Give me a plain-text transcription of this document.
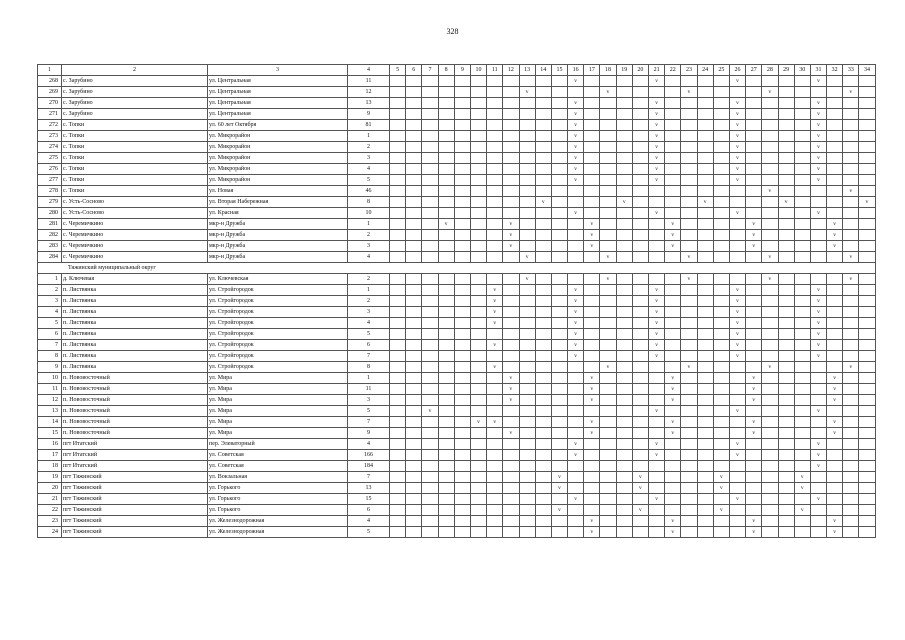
328
1	2	3	4	5	6	7	8	9	10	11	12	13	14	15	16	17	18	19	20	21	22	23	24	25	26	27	28	29	30	31	32	33	34
268	с. Зарубино	ул. Центральная	11												v					v					v					v			
269	с. Зарубино	ул. Центральная	12									v					v					v					v					v	
270	с. Зарубино	ул. Центральная	13												v					v					v					v			
271	с. Зарубино	ул. Центральная	9												v					v					v					v			
272	с. Топки	ул. 60 лет Октября	81												v					v					v					v			
273	с. Топки	ул. Микрорайон	1												v					v					v					v			
274	с. Топки	ул. Микрорайон	2												v					v					v					v			
275	с. Топки	ул. Микрорайон	3												v					v					v					v			
276	с. Топки	ул. Микрорайон	4												v					v					v					v			
277	с. Топки	ул. Микрорайон	5												v					v					v					v			
278	с. Топки	ул. Новая	46																								v					v	
279	с. Усть-Сосново	ул. Вторая Набережная	8										v					v					v					v					v
280	с. Усть-Сосново	ул. Красная	10												v					v					v					v			
281	с. Черемичкино	мкр-н Дружба	1				v				v					v					v					v					v		
282	с. Черемичкино	мкр-н Дружба	2								v					v					v					v					v		
283	с. Черемичкино	мкр-н Дружба	3								v					v					v					v					v		
284	с. Черемичкино	мкр-н Дружба	4									v					v					v					v					v	
Тяжинский муниципальный округ																																	
1	д. Ключевая	ул. Ключевская	2									v					v					v					v					v	
2	п. Листвянка	ул. Стройгородок	1							v					v					v					v					v			
3	п. Листвянка	ул. Стройгородок	2							v					v					v					v					v			
4	п. Листвянка	ул. Стройгородок	3							v					v					v					v					v			
5	п. Листвянка	ул. Стройгородок	4							v					v					v					v					v			
6	п. Листвянка	ул. Стройгородок	5												v					v					v					v			
7	п. Листвянка	ул. Стройгородок	6							v					v					v					v					v			
8	п. Листвянка	ул. Стройгородок	7												v					v					v					v			
9	п. Листвянка	ул. Стройгородок	8							v							v					v					v					v	
10	п. Нововосточный	ул. Мира	1								v					v					v					v					v		
11	п. Нововосточный	ул. Мира	11								v					v					v					v					v		
12	п. Нововосточный	ул. Мира	3								v					v					v					v					v		
13	п. Нововосточный	ул. Мира	5			v														v					v					v			
14	п. Нововосточный	ул. Мира	7						v	v						v					v					v					v		
15	п. Нововосточный	ул. Мира	9								v					v					v					v					v		
16	пгт Итатский	пер. Элеваторный	4												v					v					v					v			
17	пгт Итатский	ул. Советская	166												v					v					v					v			
18	пгт Итатский	ул. Советская	184																											v			
19	пгт Тяжинский	ул. Вокзальная	7											v					v					v					v				
20	пгт Тяжинский	ул. Горького	13											v					v					v					v				
21	пгт Тяжинский	ул. Горького	15												v					v					v					v			
22	пгт Тяжинский	ул. Горького	6											v					v					v					v				
23	пгт Тяжинский	ул. Железнодорожная	4													v					v					v					v		
24	пгт Тяжинский	ул. Железнодорожная	5													v					v					v					v		
